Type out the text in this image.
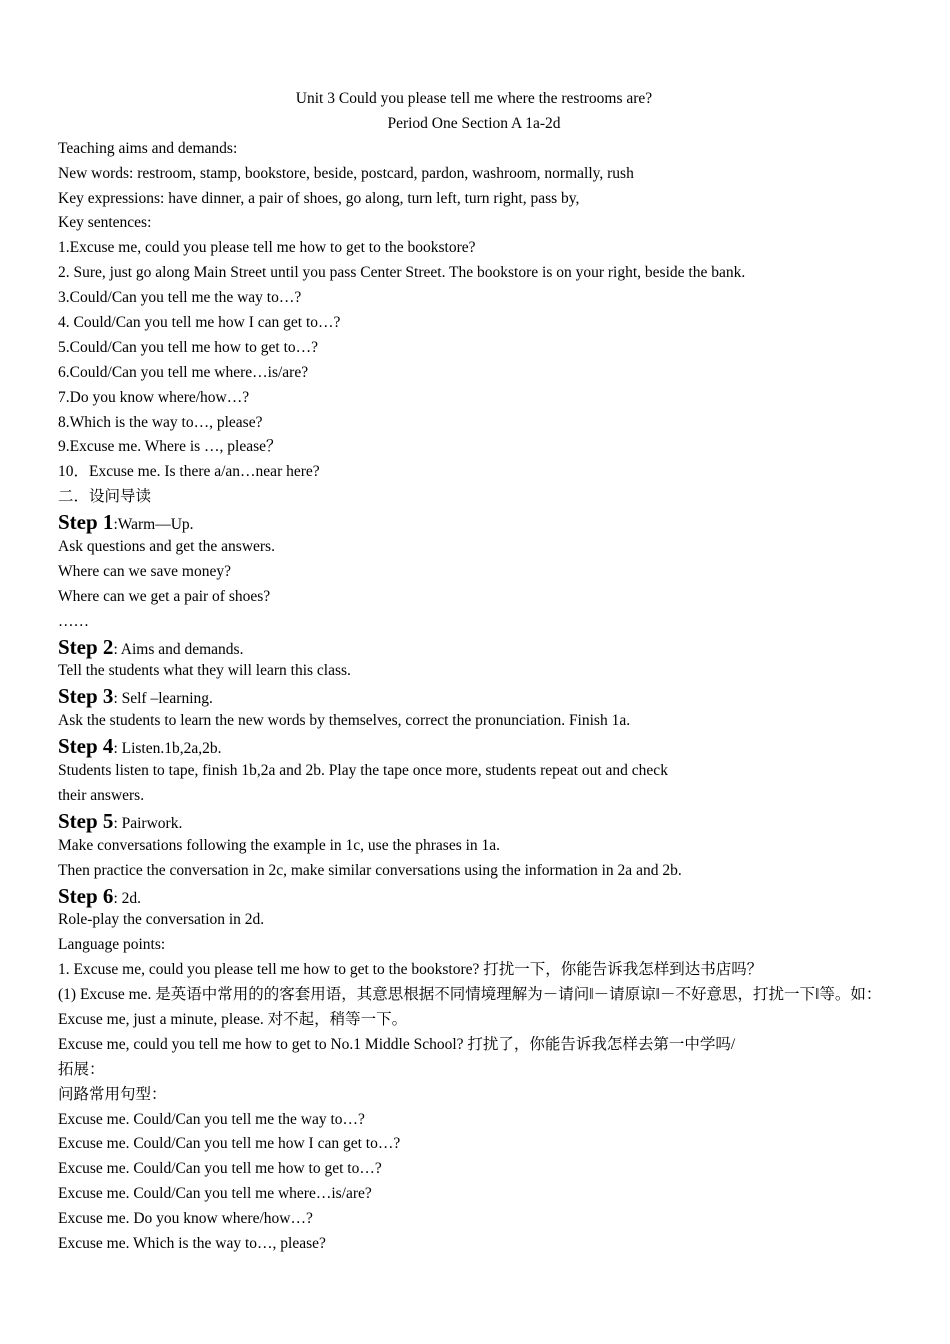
Unit 3 Could you please tell me where the restrooms are?
Period One Section A 1a-2d
Teaching aims and demands:
New words: restroom, stamp, bookstore, beside, postcard, pardon, washroom, normally, rush
Key expressions: have dinner, a pair of shoes, go along, turn left, turn right, pass by,
Key sentences:
1.Excuse me, could you please tell me how to get to the bookstore?
2. Sure, just go along Main Street until you pass Center Street. The bookstore is on your right, beside the bank.
3.Could/Can you tell me the way to…?
4. Could/Can you tell me how I can get to…?
5.Could/Can you tell me how to get to…?
6.Could/Can you tell me where…is/are?
7.Do you know where/how…?
8.Which is the way to…, please?
9.Excuse me. Where is …, please？
10．Excuse me. Is there a/an…near here?
二．设问导读
Step 1:Warm—Up.
Ask questions and get the answers.
Where can we save money?
Where can we get a pair of shoes?
……
Step 2: Aims and demands.
Tell the students what they will learn this class.
Step 3: Self –learning.
Ask the students to learn the new words by themselves, correct the pronunciation. Finish 1a.
Step 4: Listen.1b,2a,2b.
Students listen to tape, finish 1b,2a and 2b. Play the tape once more, students repeat out and check
their answers.
Step 5: Pairwork.
Make conversations following the example in 1c, use the phrases in 1a.
Then practice the conversation in 2c, make similar conversations using the information in 2a and 2b.
Step 6: 2d.
Role-play the conversation in 2d.
Language points:
1. Excuse me, could you please tell me how to get to the bookstore? 打扰一下，你能告诉我怎样到达书店吗？
(1) Excuse me. 是英语中常用的的客套用语，其意思根据不同情境理解为－请问‖－请原谅‖－不好意思，打扰一下‖等。如：Excuse me, just a minute, please. 对不起，稍等一下。
Excuse me, could you tell me how to get to No.1 Middle School? 打扰了，你能告诉我怎样去第一中学吗/
拓展：
问路常用句型：
Excuse me. Could/Can you tell me the way to…?
Excuse me. Could/Can you tell me how I can get to…?
Excuse me. Could/Can you tell me how to get to…?
Excuse me. Could/Can you tell me where…is/are?
Excuse me. Do you know where/how…?
Excuse me. Which is the way to…, please?
